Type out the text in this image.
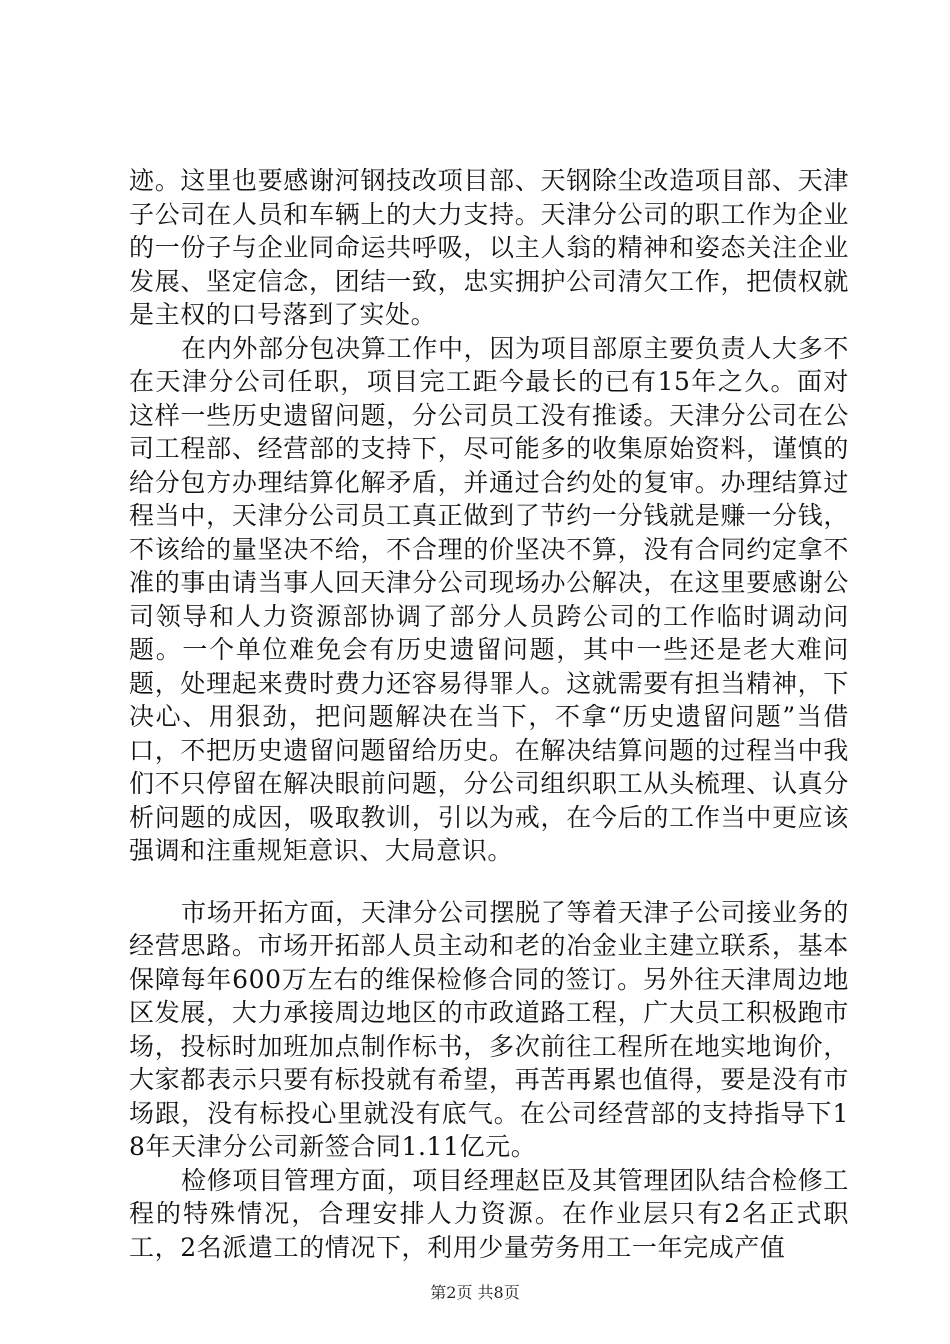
迹。这里也要感谢河钢技改项目部、天钢除尘改造项目部、天津子公司在人员和车辆上的大力支持。天津分公司的职工作为企业的一份子与企业同命运共呼吸，以主人翁的精神和姿态关注企业发展、坚定信念，团结一致，忠实拥护公司清欠工作，把债权就是主权的口号落到了实处。

在内外部分包决算工作中，因为项目部原主要负责人大多不在天津分公司任职，项目完工距今最长的已有15年之久。面对这样一些历史遗留问题，分公司员工没有推诿。天津分公司在公司工程部、经营部的支持下，尽可能多的收集原始资料，谨慎的给分包方办理结算化解矛盾，并通过合约处的复审。办理结算过程当中，天津分公司员工真正做到了节约一分钱就是赚一分钱，不该给的量坚决不给，不合理的价坚决不算，没有合同约定拿不准的事由请当事人回天津分公司现场办公解决，在这里要感谢公司领导和人力资源部协调了部分人员跨公司的工作临时调动问题。一个单位难免会有历史遗留问题，其中一些还是老大难问题，处理起来费时费力还容易得罪人。这就需要有担当精神，下决心、用狠劲，把问题解决在当下，不拿“历史遗留问题”当借口，不把历史遗留问题留给历史。在解决结算问题的过程当中我们不只停留在解决眼前问题，分公司组织职工从头梳理、认真分析问题的成因，吸取教训，引以为戒，在今后的工作当中更应该强调和注重规矩意识、大局意识。

市场开拓方面，天津分公司摆脱了等着天津子公司接业务的经营思路。市场开拓部人员主动和老的冶金业主建立联系，基本保障每年600万左右的维保检修合同的签订。另外往天津周边地区发展，大力承接周边地区的市政道路工程，广大员工积极跑市场，投标时加班加点制作标书，多次前往工程所在地实地询价，大家都表示只要有标投就有希望，再苦再累也值得，要是没有市场跟，没有标投心里就没有底气。在公司经营部的支持指导下18年天津分公司新签合同1.11亿元。

检修项目管理方面，项目经理赵臣及其管理团队结合检修工程的特殊情况，合理安排人力资源。在作业层只有2名正式职工，2名派遣工的情况下，利用少量劳务用工一年完成产值

第2页 共8页
